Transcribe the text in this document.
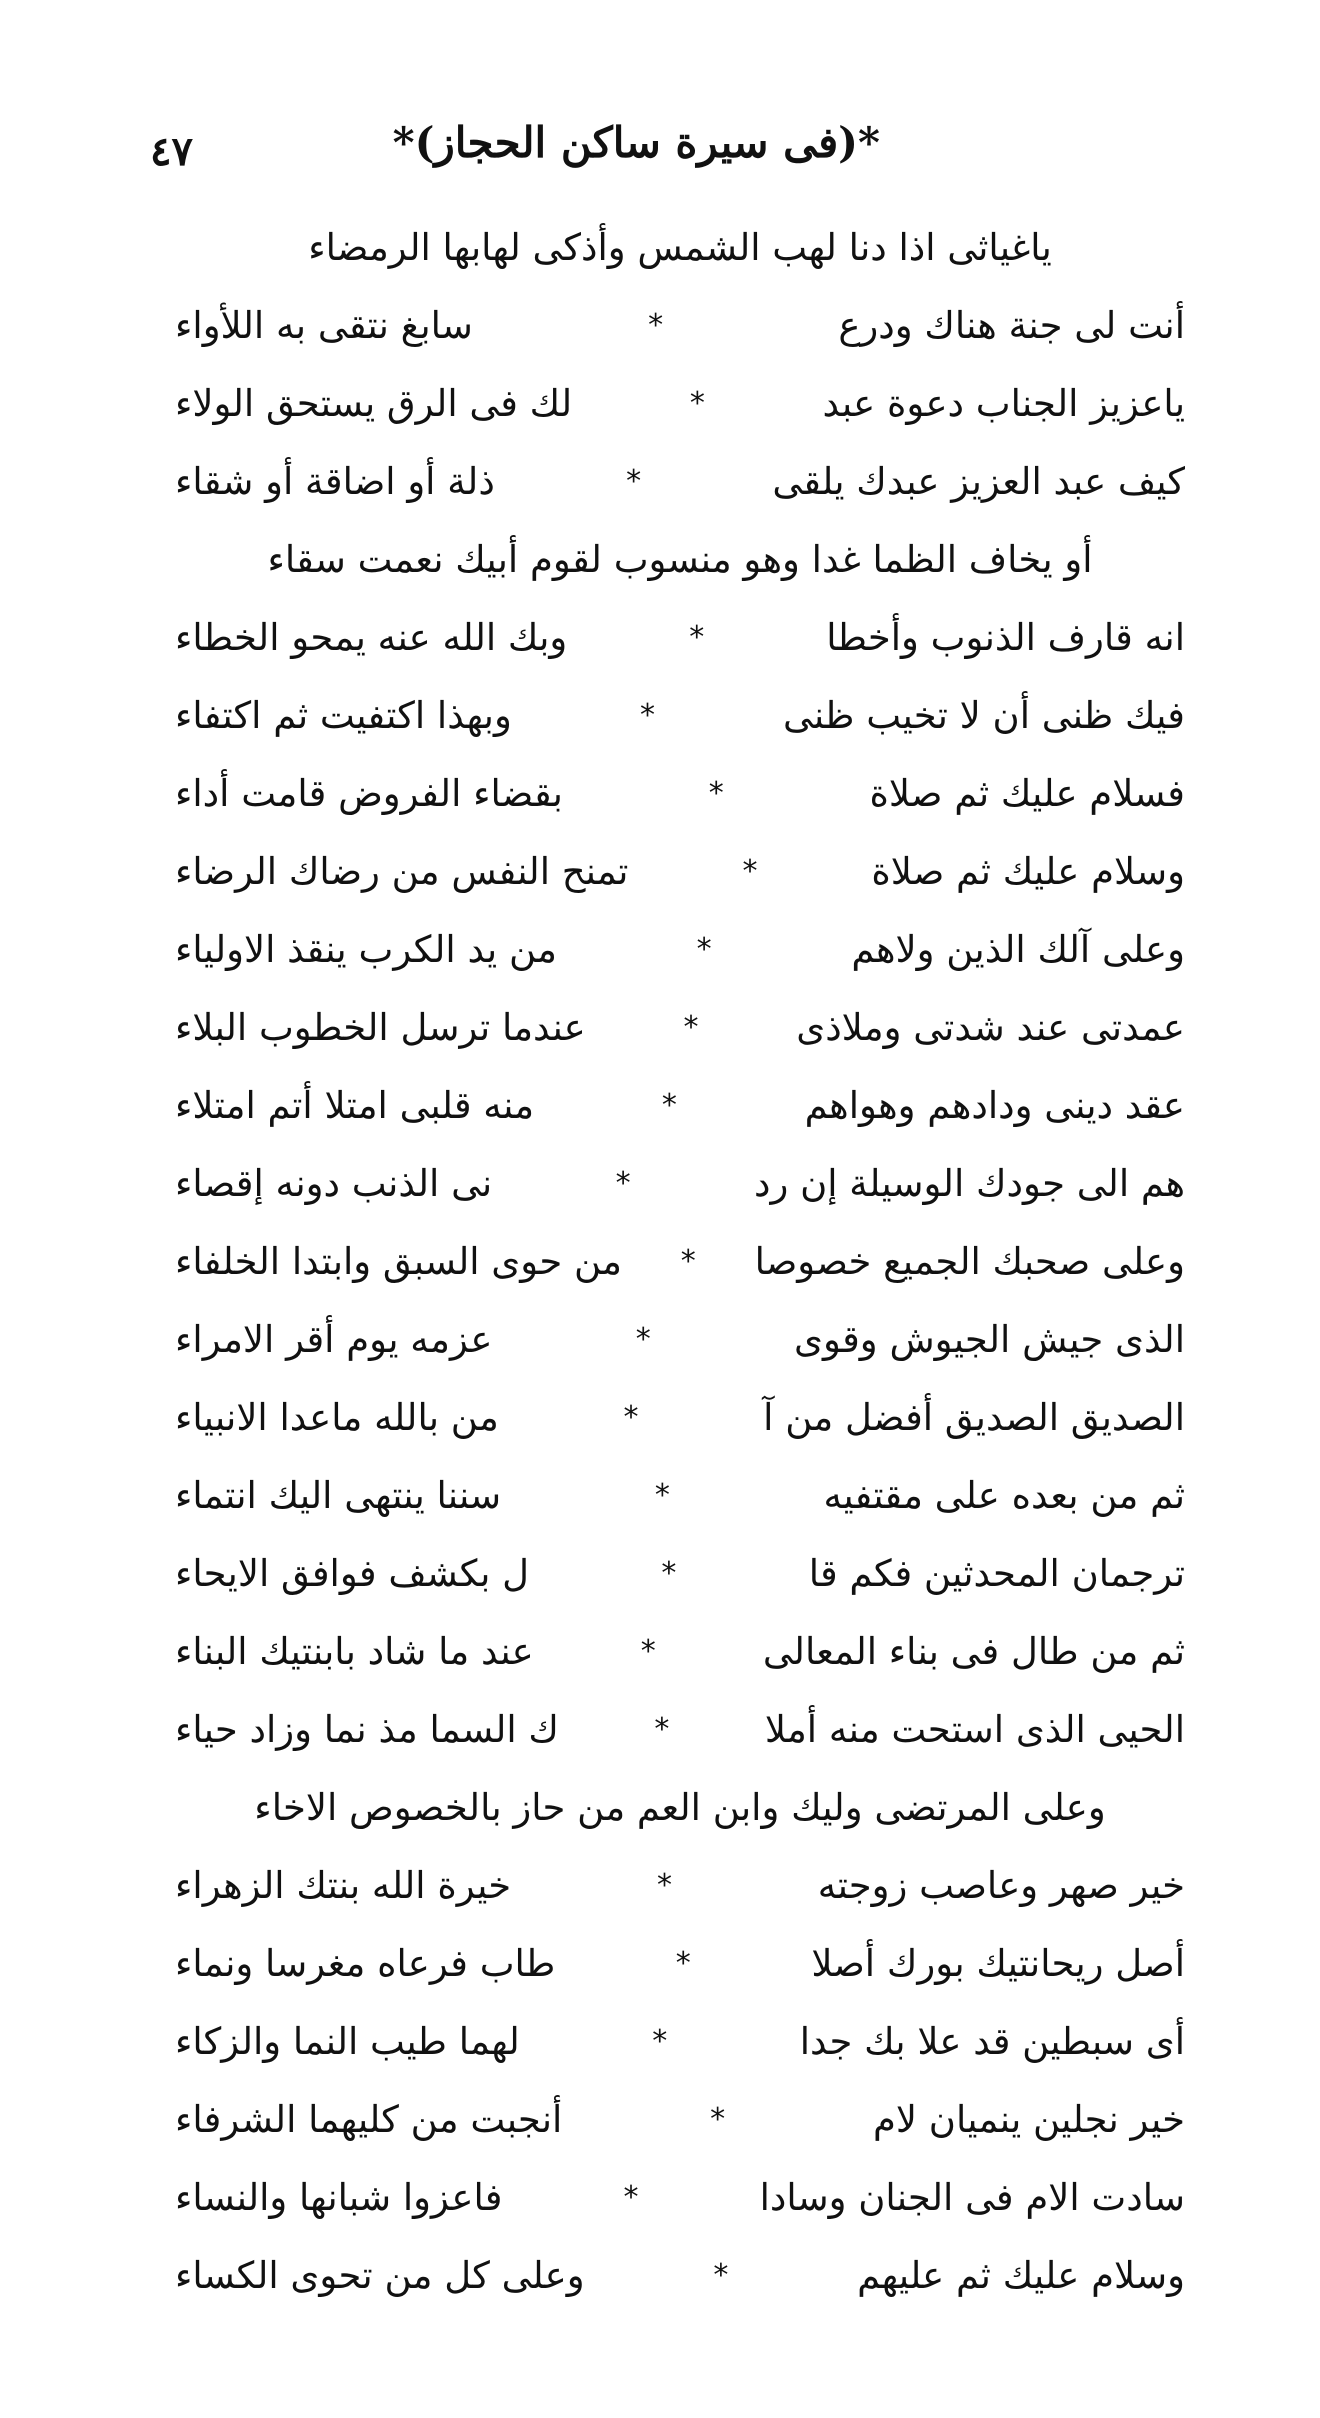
٤٧	*(فى سيرة ساكن الحجاز)*
ياغياثى اذا دنا لهب الشمس وأذكى لهابها الرمضاء
أنت لى جنة هناك ودرع
*
سابغ نتقى به اللأواء
ياعزيز الجناب دعوة عبد
*
لك فى الرق يستحق الولاء
كيف عبد العزيز عبدك يلقى
*
ذلة أو اضاقة أو شقاء
أو يخاف الظما غدا وهو منسوب لقوم أبيك نعمت سقاء
انه قارف الذنوب وأخطا
*
وبك الله عنه يمحو الخطاء
فيك ظنى أن لا تخيب ظنى
*
وبهذا اكتفيت ثم اكتفاء
فسلام عليك ثم صلاة
*
بقضاء الفروض قامت أداء
وسلام عليك ثم صلاة
*
تمنح النفس من رضاك الرضاء
وعلى آلك الذين ولاهم
*
من يد الكرب ينقذ الاولياء
عمدتى عند شدتى وملاذى
*
عندما ترسل الخطوب البلاء
عقد دينى ودادهم وهواهم
*
منه قلبى امتلا أتم امتلاء
هم الى جودك الوسيلة إن رد
*
نى الذنب دونه إقصاء
وعلى صحبك الجميع خصوصا
*
من حوى السبق وابتدا الخلفاء
الذى جيش الجيوش وقوى
*
عزمه يوم أقر الامراء
الصديق الصديق أفضل من آ
*
من بالله ماعدا الانبياء
ثم من بعده على مقتفيه
*
سننا ينتهى اليك انتماء
ترجمان المحدثين فكم قا
*
ل بكشف فوافق الايحاء
ثم من طال فى بناء المعالى
*
عند ما شاد بابنتيك البناء
الحيى الذى استحت منه أملا
*
ك السما مذ نما وزاد حياء
وعلى المرتضى وليك وابن العم من حاز بالخصوص الاخاء
خير صهر وعاصب زوجته
*
خيرة الله بنتك الزهراء
أصل ريحانتيك بورك أصلا
*
طاب فرعاه مغرسا ونماء
أى سبطين قد علا بك جدا
*
لهما طيب النما والزكاء
خير نجلين ينميان لام
*
أنجبت من كليهما الشرفاء
سادت الام فى الجنان وسادا
*
فاعزوا شبانها والنساء
وسلام عليك ثم عليهم
*
وعلى كل من تحوى الكساء
